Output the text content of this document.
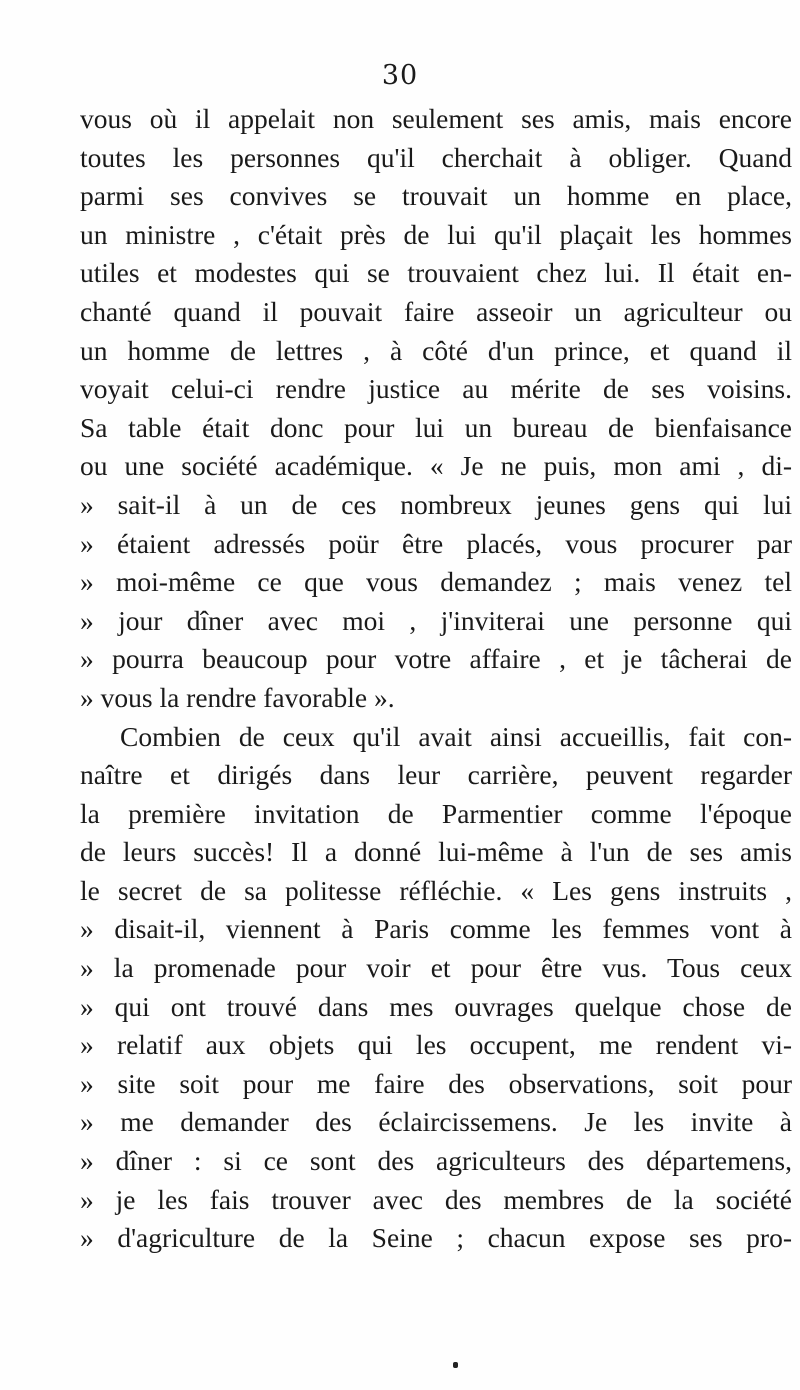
30
vous où il appelait non seulement ses amis, mais encore
toutes les personnes qu'il cherchait à obliger. Quand
parmi ses convives se trouvait un homme en place,
un ministre , c'était près de lui qu'il plaçait les hommes
utiles et modestes qui se trouvaient chez lui. Il était en-
chanté quand il pouvait faire asseoir un agriculteur ou
un homme de lettres , à côté d'un prince, et quand il
voyait celui-ci rendre justice au mérite de ses voisins.
Sa table était donc pour lui un bureau de bienfaisance
ou une société académique. « Je ne puis, mon ami , di-
» sait-il à un de ces nombreux jeunes gens qui lui
» étaient adressés poür être placés, vous procurer par
» moi-même ce que vous demandez ; mais venez tel
» jour dîner avec moi , j'inviterai une personne qui
» pourra beaucoup pour votre affaire , et je tâcherai de
» vous la rendre favorable ».
Combien de ceux qu'il avait ainsi accueillis, fait con-
naître et dirigés dans leur carrière, peuvent regarder
la première invitation de Parmentier comme l'époque
de leurs succès! Il a donné lui-même à l'un de ses amis
le secret de sa politesse réfléchie. « Les gens instruits ,
» disait-il, viennent à Paris comme les femmes vont à
» la promenade pour voir et pour être vus. Tous ceux
» qui ont trouvé dans mes ouvrages quelque chose de
» relatif aux objets qui les occupent, me rendent vi-
» site soit pour me faire des observations, soit pour
» me demander des éclaircissemens. Je les invite à
» dîner : si ce sont des agriculteurs des départemens,
» je les fais trouver avec des membres de la société
» d'agriculture de la Seine ; chacun expose ses pro-
